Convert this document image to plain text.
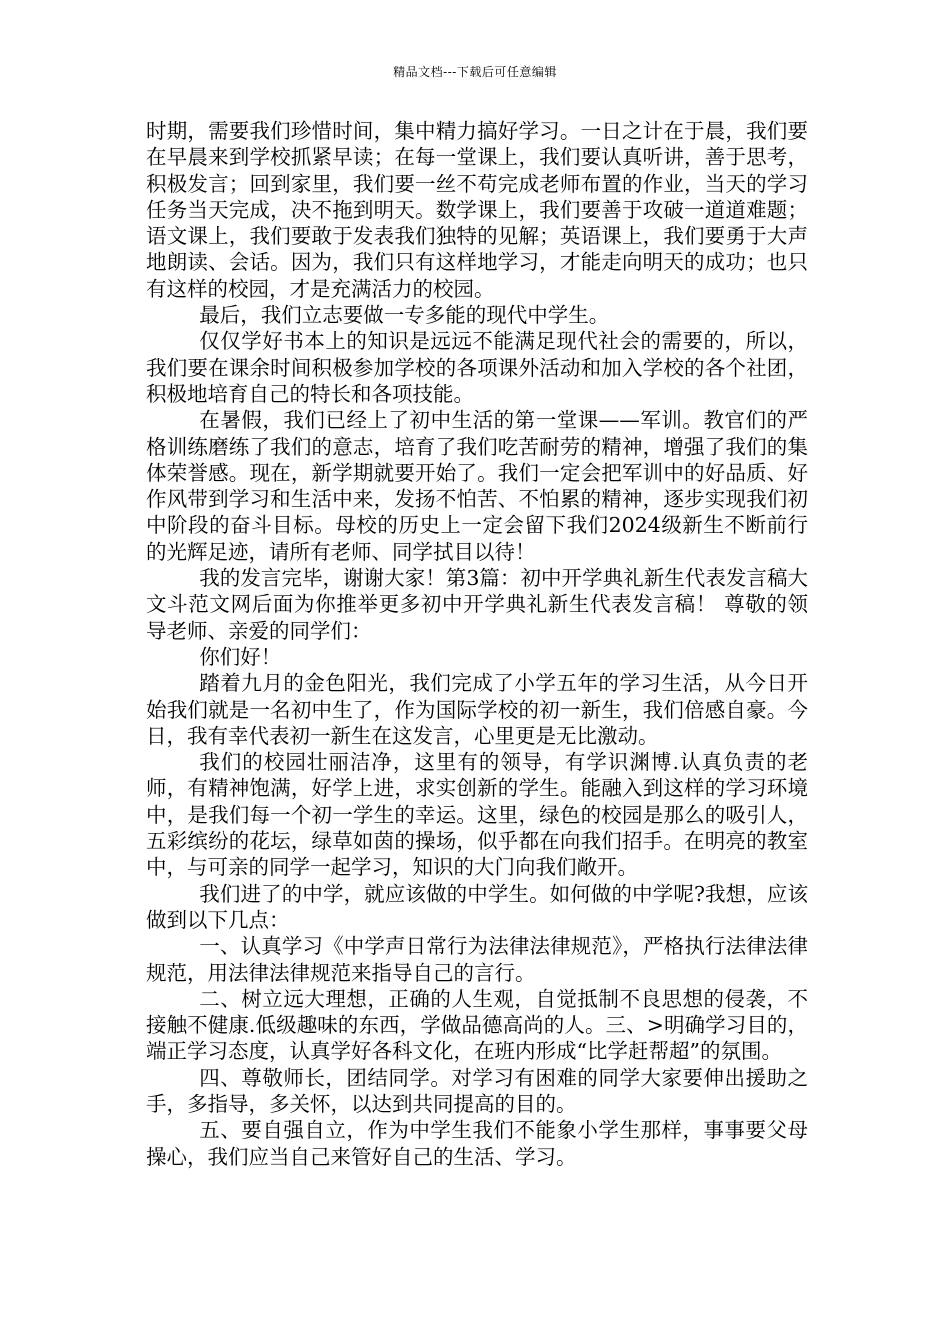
精品文档---下载后可任意编辑

时期，需要我们珍惜时间，集中精力搞好学习。一日之计在于晨，我们要在早晨来到学校抓紧早读；在每一堂课上，我们要认真听讲，善于思考，积极发言；回到家里，我们要一丝不苟完成老师布置的作业，当天的学习任务当天完成，决不拖到明天。数学课上，我们要善于攻破一道道难题；语文课上，我们要敢于发表我们独特的见解；英语课上，我们要勇于大声地朗读、会话。因为，我们只有这样地学习，才能走向明天的成功；也只有这样的校园，才是充满活力的校园。

最后，我们立志要做一专多能的现代中学生。

仅仅学好书本上的知识是远远不能满足现代社会的需要的，所以，我们要在课余时间积极参加学校的各项课外活动和加入学校的各个社团，积极地培育自己的特长和各项技能。

在暑假，我们已经上了初中生活的第一堂课——军训。教官们的严格训练磨练了我们的意志，培育了我们吃苦耐劳的精神，增强了我们的集体荣誉感。现在，新学期就要开始了。我们一定会把军训中的好品质、好作风带到学习和生活中来，发扬不怕苦、不怕累的精神，逐步实现我们初中阶段的奋斗目标。母校的历史上一定会留下我们2024级新生不断前行的光辉足迹，请所有老师、同学拭目以待！

我的发言完毕，谢谢大家！第3篇：初中开学典礼新生代表发言稿大文斗范文网后面为你推举更多初中开学典礼新生代表发言稿！ 尊敬的领导老师、亲爱的同学们：

你们好！

踏着九月的金色阳光，我们完成了小学五年的学习生活，从今日开始我们就是一名初中生了，作为国际学校的初一新生，我们倍感自豪。今日，我有幸代表初一新生在这发言，心里更是无比激动。

我们的校园壮丽洁净，这里有的领导，有学识渊博.认真负责的老师，有精神饱满，好学上进，求实创新的学生。能融入到这样的学习环境中，是我们每一个初一学生的幸运。这里，绿色的校园是那么的吸引人，五彩缤纷的花坛，绿草如茵的操场，似乎都在向我们招手。在明亮的教室中，与可亲的同学一起学习，知识的大门向我们敞开。

我们进了的中学，就应该做的中学生。如何做的中学呢?我想，应该做到以下几点：

一、认真学习《中学声日常行为法律法律规范》，严格执行法律法律规范，用法律法律规范来指导自己的言行。

二、树立远大理想，正确的人生观，自觉抵制不良思想的侵袭，不接触不健康.低级趣味的东西，学做品德高尚的人。三、>明确学习目的，端正学习态度，认真学好各科文化，在班内形成“比学赶帮超”的氛围。

四、尊敬师长，团结同学。对学习有困难的同学大家要伸出援助之手，多指导，多关怀，以达到共同提高的目的。

五、要自强自立，作为中学生我们不能象小学生那样，事事要父母操心，我们应当自己来管好自己的生活、学习。
